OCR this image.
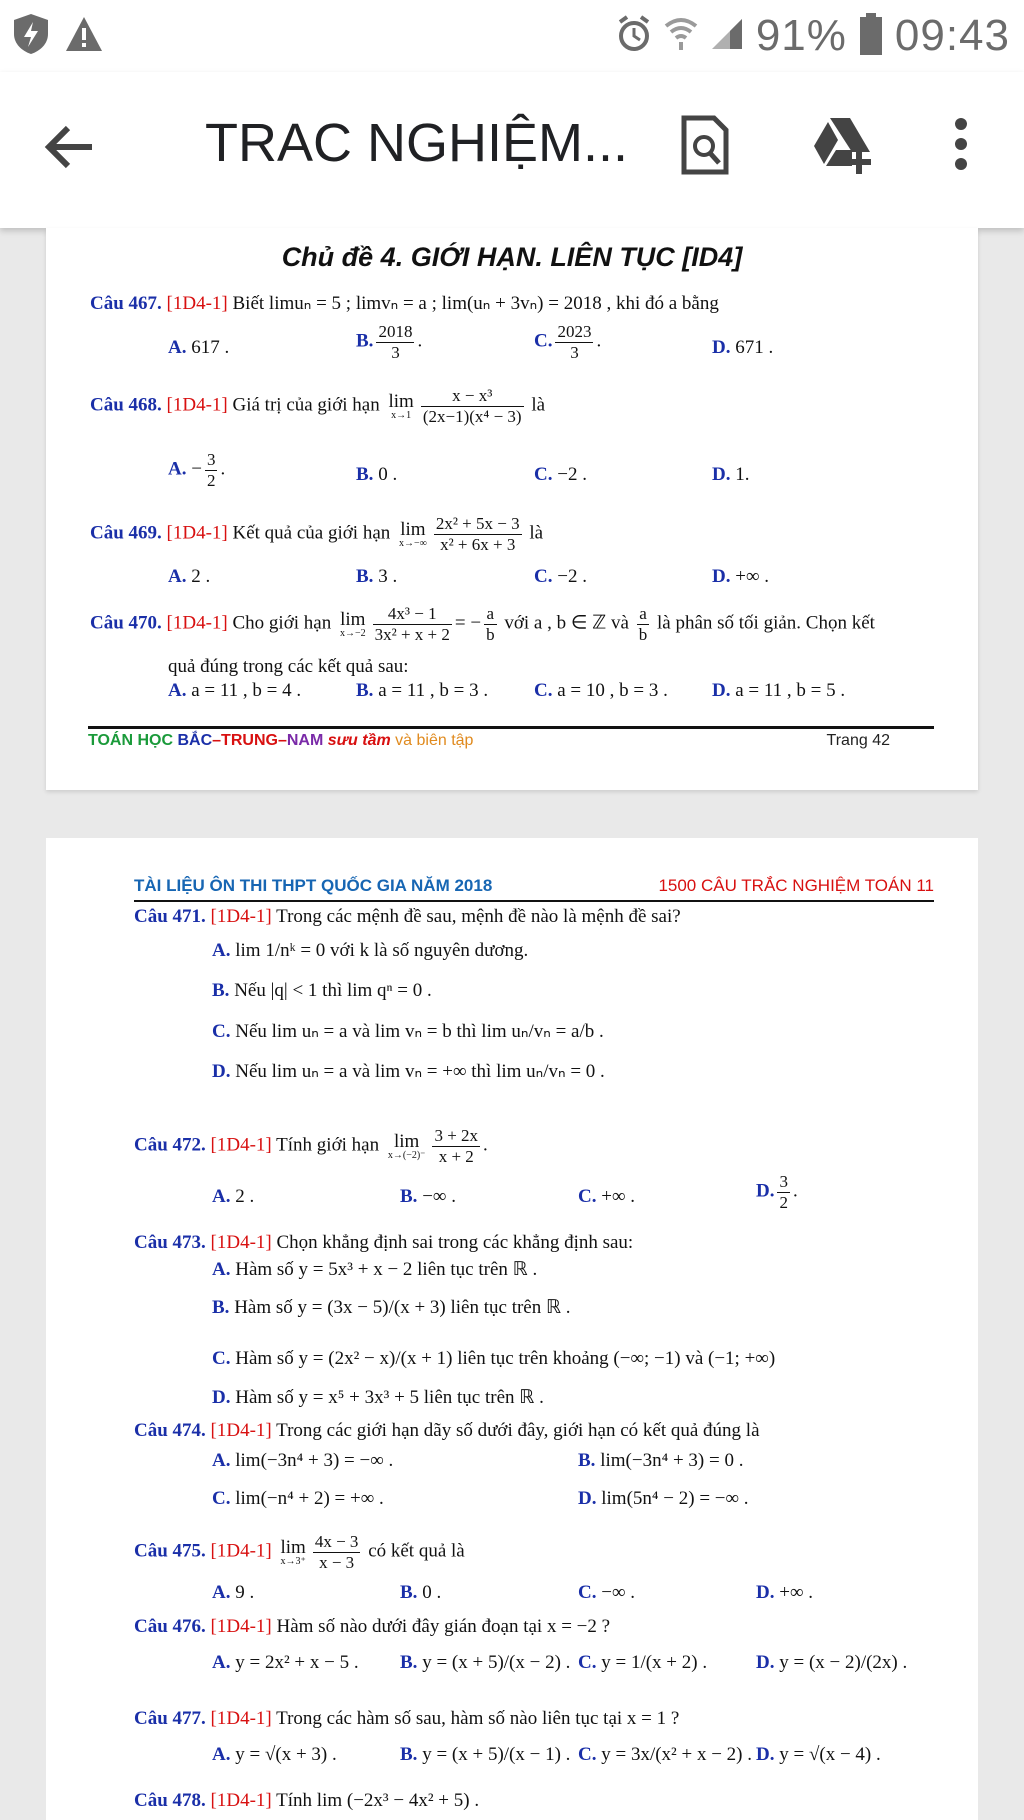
91% 09:43
TRAC NGHIỆM...
Chủ đề 4. GIỚI HẠN. LIÊN TỤC [ID4]
Câu 467. [1D4-1] Biết limuₙ = 5 ; limvₙ = a ; lim(uₙ + 3vₙ) = 2018 , khi đó a bằng
A. 617 .	B. $\frac{2018}{3}$ .	C. $\frac{2023}{3}$ .	D. 671 .
Câu 468. [1D4-1] Giá trị của giới hạn lim
$x\to 1 \frac{\text{x − x³}}{\text{(2x−1)(x⁴ − 3)}}$ là
A. − $\frac{3}{2}$ .	B. 0 .	C. −2 .	D. 1.
Câu 469. [1D4-1] Kết quả của giới hạn lim
$x\to-\infty \frac{\text{2x² + 5x − 3}}{\text{x² + 6x + 3}}$ là
A. 2 .	B. 3 .	C. −2 .	D. +∞ .
Câu 470. [1D4-1] Cho giới hạn lim
$x\to-2 \frac{\text{4x³ − 1}}{\text{3x² + x + 2}}$ = − $\frac{a}{b}$ với a , b ∈ ℤ và $\frac{a}{b}$ là phân số tối giản. Chọn kết
quả đúng trong các kết quả sau:
A. a = 11 , b = 4 .	B. a = 11 , b = 3 . C. a = 10 , b = 3 . D. a = 11 , b = 5 .
TOÁN HỌC BẮC–TRUNG–NAM sưu tầm và biên tập	Trang 42
TÀI LIỆU ÔN THI THPT QUỐC GIA NĂM 2018	1500 CÂU TRẮC NGHIỆM TOÁN 11
Câu 471. [1D4-1] Trong các mệnh đề sau, mệnh đề nào là mệnh đề sai?
A. lim 1/nᵏ = 0 với k là số nguyên dương.
B. Nếu |q| < 1 thì lim qⁿ = 0 .
C. Nếu lim uₙ = a và lim vₙ = b thì lim uₙ/vₙ = a/b .
D. Nếu lim uₙ = a và lim vₙ = +∞ thì lim uₙ/vₙ = 0 .
Câu 472. [1D4-1] Tính giới hạn lim
$x\to(-2)^- \frac{3 + 2x}{x + 2}$ .
A. 2 .	B. −∞ .	C. +∞ .	D. $\frac{3}{2}$ .
Câu 473. [1D4-1] Chọn khẳng định sai trong các khẳng định sau:
A. Hàm số y = 5x³ + x − 2 liên tục trên ℝ .
B. Hàm số y = (3x − 5)/(x + 3) liên tục trên ℝ .
C. Hàm số y = (2x² − x)/(x + 1) liên tục trên khoảng (−∞; −1) và (−1; +∞)
D. Hàm số y = x⁵ + 3x³ + 5 liên tục trên ℝ .
Câu 474. [1D4-1] Trong các giới hạn dãy số dưới đây, giới hạn có kết quả đúng là
A. lim(−3n⁴ + 3) = −∞ .	B. lim(−3n⁴ + 3) = 0 .
C. lim(−n⁴ + 2) = +∞ .	D. lim(5n⁴ − 2) = −∞ .
Câu 475. [1D4-1] lim
$x\to 3^+ \frac{4x - 3}{x - 3}$ có kết quả là
A. 9 .	B. 0 .	C. −∞ .	D. +∞ .
Câu 476. [1D4-1] Hàm số nào dưới đây gián đoạn tại x = −2 ?
A. y = 2x² + x − 5 . B. y = (x + 5)/(x − 2) . C. y = 1/(x + 2) .	D. y = (x − 2)/(2x) .
Câu 477. [1D4-1] Trong các hàm số sau, hàm số nào liên tục tại x = 1 ?
A. y = √(x + 3) .	B. y = (x + 5)/(x − 1) . C. y = 3x/(x² + x − 2) . D. y = √(x − 4) .
Câu 478. [1D4-1] Tính lim (−2x³ − 4x² + 5) .
